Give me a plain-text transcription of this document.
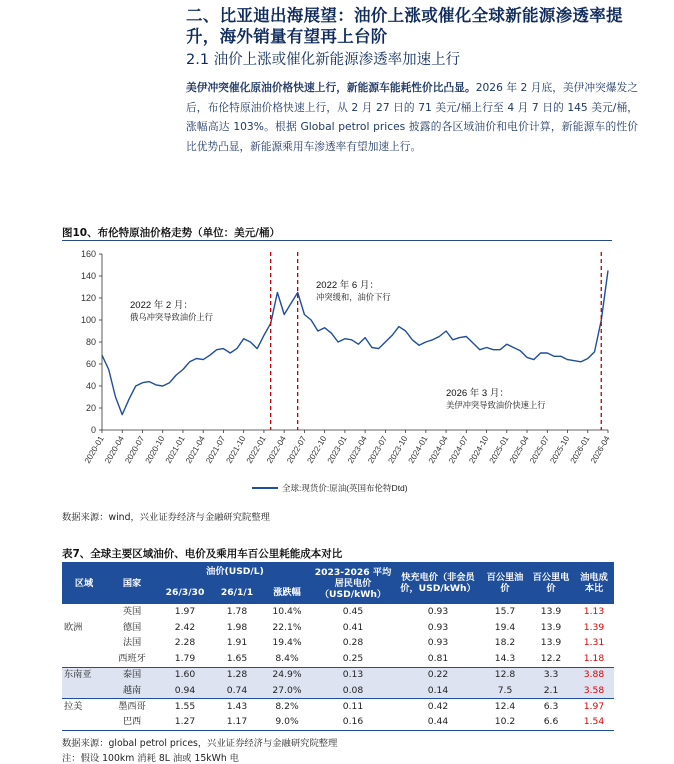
二、比亚迪出海展望：油价上涨或催化全球新能源渗透率提升，海外销量有望再上台阶
2.1 油价上涨或催化新能源渗透率加速上行
美伊冲突催化原油价格快速上行，新能源车能耗性价比凸显。2026 年 2 月底，美伊冲突爆发之后，布伦特原油价格快速上行，从 2 月 27 日的 71 美元/桶上行至 4 月 7 日的 145 美元/桶，涨幅高达 103%。根据 Global petrol prices 披露的各区域油价和电价计算，新能源车的性价比优势凸显，新能源乘用车渗透率有望加速上行。
图10、布伦特原油价格走势（单位：美元/桶）
0
20
40
60
80
100
120
140
160
2020-01
2020-04
2020-07
2020-10
2021-01
2021-04
2021-07
2021-10
2022-01
2022-04
2022-07
2022-10
2023-01
2023-04
2023-07
2023-10
2024-01
2024-04
2024-07
2024-10
2025-01
2025-04
2025-07
2025-10
2026-01
2026-04
2022 年 2 月：
俄乌冲突导致油价上行
2022 年 6 月：
冲突缓和，油价下行
2026 年 3 月：
美伊冲突导致油价快速上行
全球:现货价:原油(英国布伦特Dtd)
数据来源：wind，兴业证券经济与金融研究院整理
表7、全球主要区域油价、电价及乘用车百公里耗能成本对比
区域	国家	油价(USD/L)			2023-2026 平均居民电价（USD/kWh）	快充电价（非会员价，USD/kWh）	百公里油价	百公里电价	油电成本比
		26/3/30	26/1/1	涨跌幅					
	英国	1.97	1.78	10.4%	0.45	0.93	15.7	13.9	1.13
欧洲	德国	2.42	1.98	22.1%	0.41	0.93	19.4	13.9	1.39
	法国	2.28	1.91	19.4%	0.28	0.93	18.2	13.9	1.31
	西班牙	1.79	1.65	8.4%	0.25	0.81	14.3	12.2	1.18
东南亚	泰国	1.60	1.28	24.9%	0.13	0.22	12.8	3.3	3.88
	越南	0.94	0.74	27.0%	0.08	0.14	7.5	2.1	3.58
拉美	墨西哥	1.55	1.43	8.2%	0.11	0.42	12.4	6.3	1.97
	巴西	1.27	1.17	9.0%	0.16	0.44	10.2	6.6	1.54
数据来源：global petrol prices，兴业证券经济与金融研究院整理
注：假设 100km 消耗 8L 油或 15kWh 电
